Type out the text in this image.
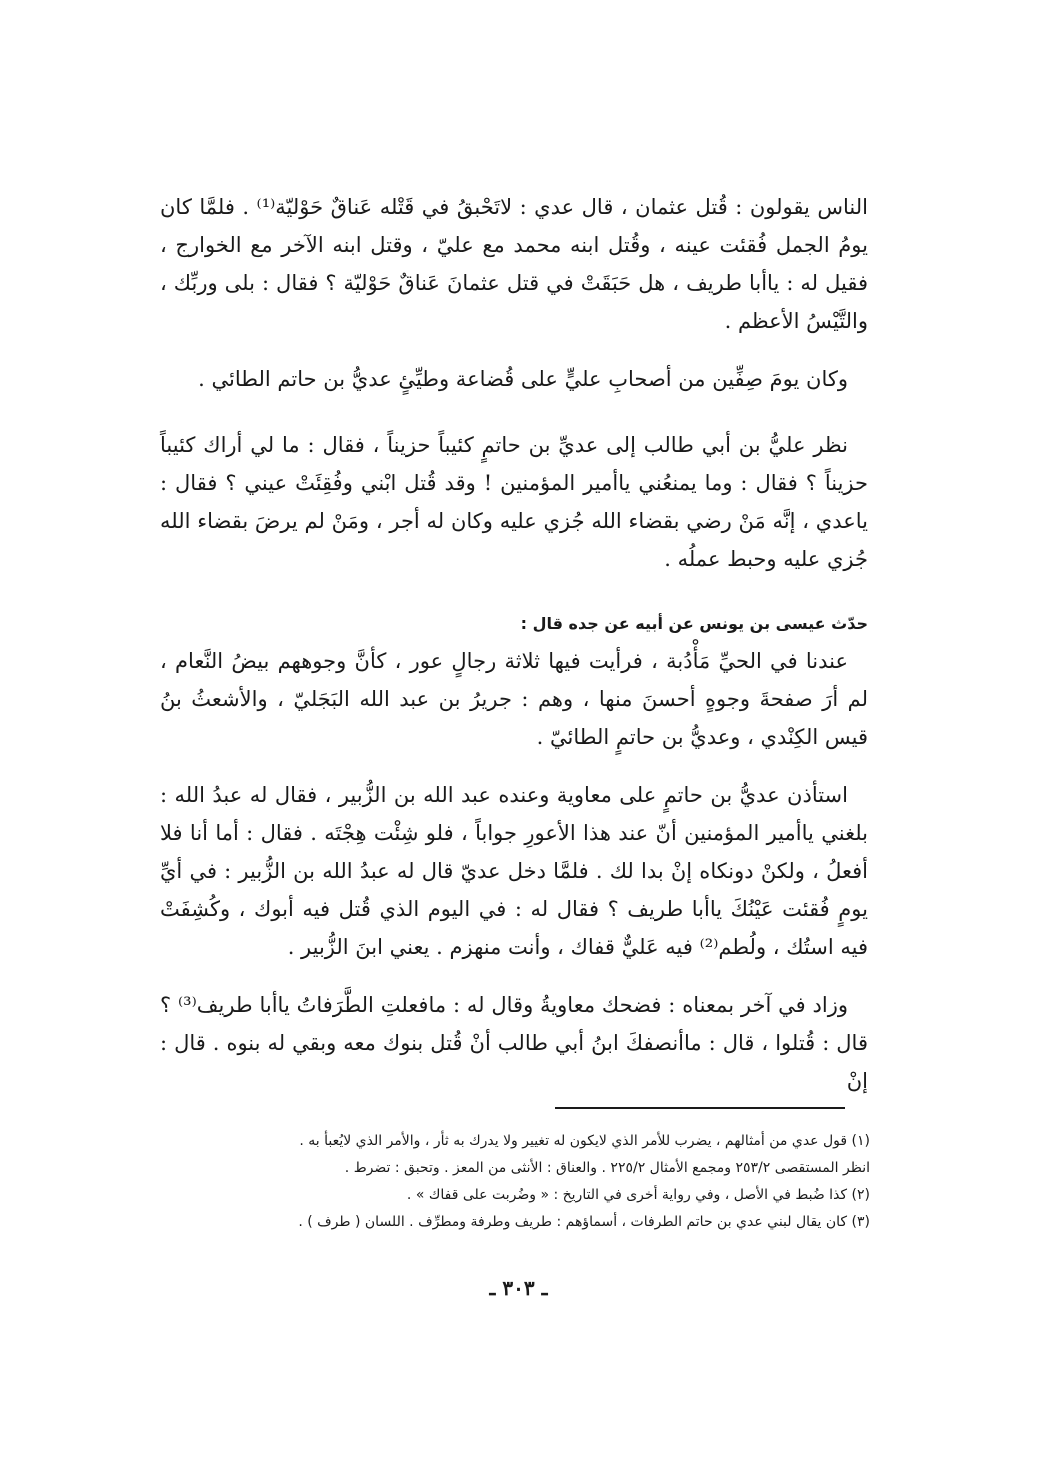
الناس يقولون : قُتل عثمان ، قال عدي : لاتَحْبقُ في قَتْله عَناقٌ حَوْليّة⁽¹⁾ . فلمَّا كان يومُ الجمل فُقئت عينه ، وقُتل ابنه محمد مع عليّ ، وقتل ابنه الآخر مع الخوارج ، فقيل له : ياأبا طريف ، هل حَبَقَتْ في قتل عثمانَ عَناقٌ حَوْليّة ؟ فقال : بلى وربِّك ، والتَّيْسُ الأعظم .

وكان يومَ صِفِّين من أصحابِ عليٍّ على قُضاعة وطيِّئٍ عديُّ بن حاتم الطائي .

نظر عليُّ بن أبي طالب إلى عديِّ بن حاتمٍ كئيباً حزيناً ، فقال : ما لي أراك كئيباً حزيناً ؟ فقال : وما يمنعُني ياأمير المؤمنين ! وقد قُتل ابْني وفُقِئَتْ عيني ؟ فقال : ياعدي ، إنَّه مَنْ رضي بقضاء الله جُزي عليه وكان له أجر ، ومَنْ لم يرضَ بقضاء الله جُزي عليه وحبط عملُه .

حدّث عيسى بن يونس عن أبيه عن جده قال :

عندنا في الحيِّ مَأْدُبة ، فرأيت فيها ثلاثة رجالٍ عور ، كأنَّ وجوههم بيضُ النَّعام ، لم أرَ صفحةَ وجوهٍ أحسنَ منها ، وهم : جريرُ بن عبد الله البَجَليّ ، والأشعثُ بنُ قيس الكِنْدي ، وعديُّ بن حاتمٍ الطائيّ .

استأذن عديُّ بن حاتمٍ على معاوية وعنده عبد الله بن الزُّبير ، فقال له عبدُ الله : بلغني ياأمير المؤمنين أنّ عند هذا الأعورِ جواباً ، فلو شِئْت هِجْتَه . فقال : أما أنا فلا أفعلُ ، ولكنْ دونكاه إنْ بدا لك . فلمَّا دخل عديّ قال له عبدُ الله بن الزُّبير : في أيِّ يومٍ فُقئت عَيْنُكَ ياأبا طريف ؟ فقال له : في اليوم الذي قُتل فيه أبوك ، وكُشِفَتْ فيه استُك ، ولُطم⁽²⁾ فيه عَليٌّ قفاك ، وأنت منهزم . يعني ابنَ الزُّبير .

وزاد في آخر بمعناه : فضحك معاويةُ وقال له : مافعلتِ الطَّرَفاتُ ياأبا طريف⁽³⁾ ؟ قال : قُتلوا ، قال : ماأنصفكَ ابنُ أبي طالب أنْ قُتل بنوك معه وبقي له بنوه . قال : إنْ

(١) قول عدي من أمثالهم ، يضرب للأمر الذي لايكون له تغيير ولا يدرك به ثأر ، والأمر الذي لايُعبأ به .
انظر المستقصى ٢٥٣/٢ ومجمع الأمثال ٢٢٥/٢ . والعناق : الأنثى من المعز . وتحبق : تضرط .
(٢) كذا ضُبط في الأصل ، وفي رواية أخرى في التاريخ : « وضُربت على قفاك » .
(٣) كان يقال لبني عدي بن حاتم الطرفات ، أسماؤهم : طريف وطرفة ومطرِّف . اللسان ( طرف ) .
ـ ٣٠٣ ـ
